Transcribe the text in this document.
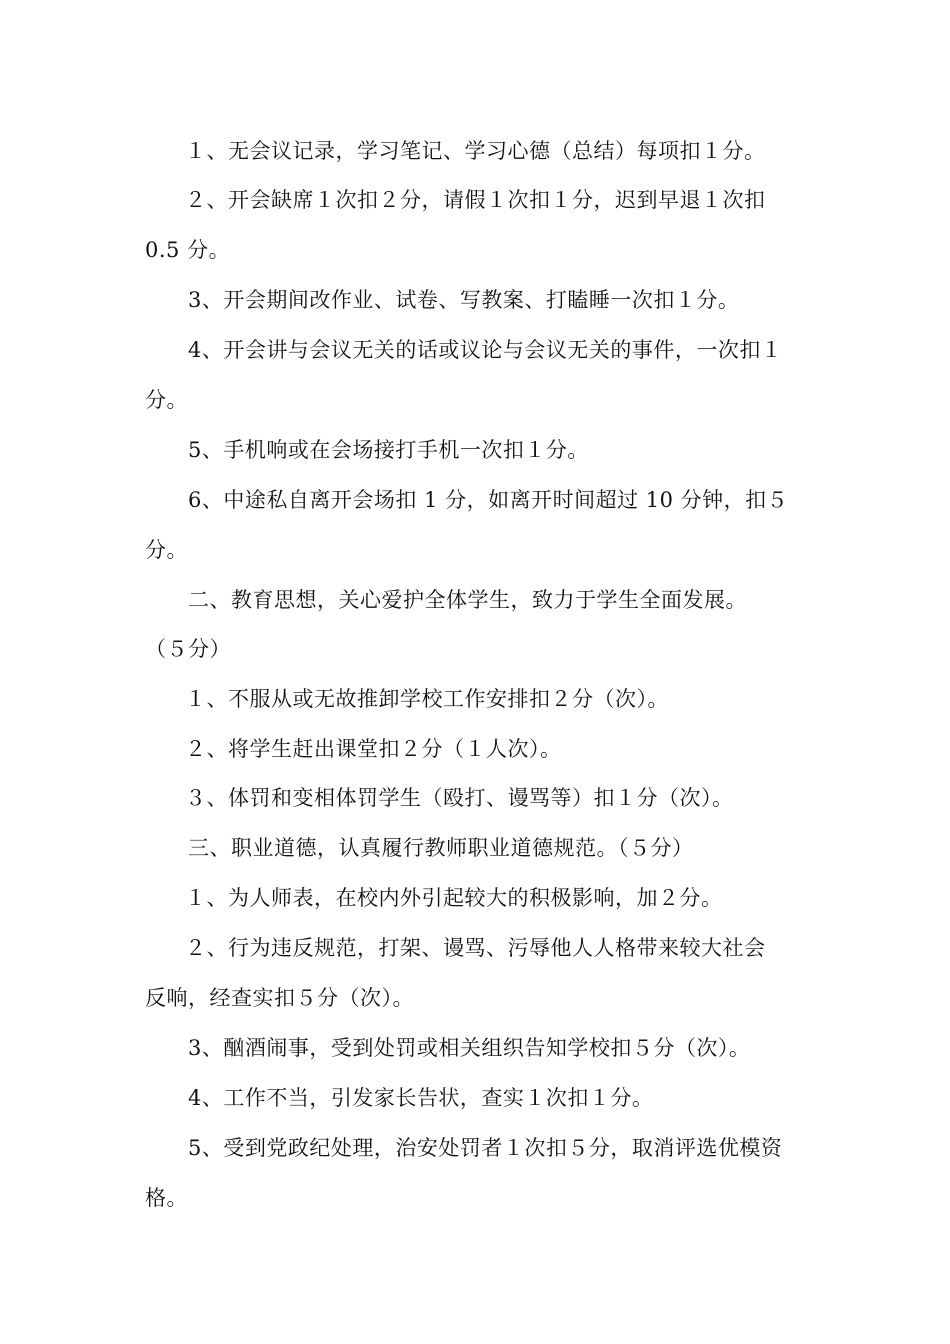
１、无会议记录，学习笔记、学习心德（总结）每项扣１分。
２、开会缺席１次扣２分，请假１次扣１分，迟到早退１次扣
0.5 分。
3、开会期间改作业、试卷、写教案、打瞌睡一次扣１分。
4、开会讲与会议无关的话或议论与会议无关的事件，一次扣１
分。
5、手机响或在会场接打手机一次扣１分。
6、中途私自离开会场扣 1 分，如离开时间超过 10 分钟，扣５
分。
二、教育思想，关心爱护全体学生，致力于学生全面发展。
（５分）
１、不服从或无故推卸学校工作安排扣２分（次）。
２、将学生赶出课堂扣２分（１人次）。
３、体罚和变相体罚学生（殴打、谩骂等）扣１分（次）。
三、职业道德，认真履行教师职业道德规范。（５分）
１、为人师表，在校内外引起较大的积极影响，加２分。
２、行为违反规范，打架、谩骂、污辱他人人格带来较大社会
反响，经查实扣５分（次）。
3、酗酒闹事，受到处罚或相关组织告知学校扣５分（次）。
4、工作不当，引发家长告状，查实１次扣１分。
5、受到党政纪处理，治安处罚者１次扣５分，取消评选优模资
格。
